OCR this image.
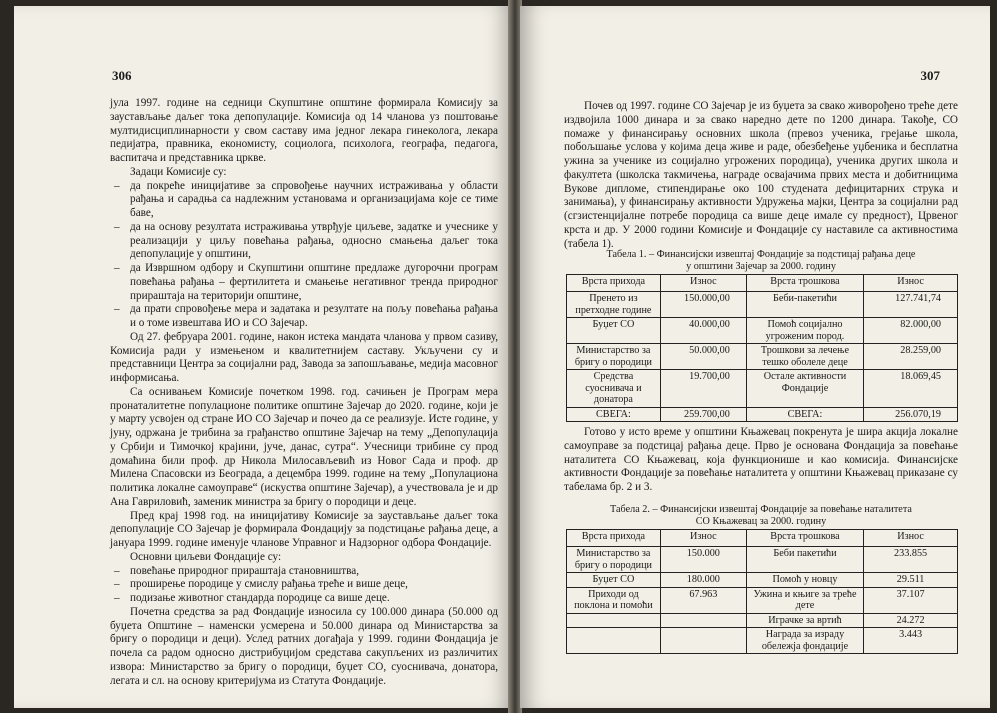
306

јула 1997. године на седници Скупштине општине формирала Комисију за заустављање даљег тока депопулације. Комисија од 14 чланова уз поштовање мултидисциплинарности у свом саставу има једног лекара гинеколога, лекара педијатра, правника, економисту, социолога, психолога, географа, педагога, васпитача и представника цркве.

Задаци Комисије су:

– да покреће иницијативе за спровођење научних истраживања у области рађања и сарадња са надлежним установама и организацијама које се тиме баве,
– да на основу резултата истраживања утврђује циљеве, задатке и учеснике у реализацији у циљу повећања рађања, односно смањења даљег тока депопулације у општини,
– да Извршном одбору и Скупштини општине предлаже дугорочни програм повећања рађања – фертилитета и смањење негативног тренда природног прираштаја на територији општине,
– да прати спровођење мера и задатака и резултате на пољу повећања рађања и о томе извештава ИО и СО Зајечар.

Од 27. фебруара 2001. године, након истека мандата чланова у првом сазиву, Комисија ради у измењеном и квалитетнијем саставу. Укључени су и представници Центра за социјални рад, Завода за запошљавање, медија масовног информисања.

Са оснивањем Комисије почетком 1998. год. сачињен је Програм мера пронаталитетне популационе политике општине Зајечар до 2020. године, који је у марту усвојен од стране ИО СО Зајечар и почео да се реализује. Исте године, у јуну, одржана је трибина за грађанство општине Зајечар на тему „Депопулација у Србији и Тимочкој крајини, јуче, данас, сутра“. Учесници трибине су прод домаћина били проф. др Никола Милосављевић из Новог Сада и проф. др Милена Спасовски из Београда, а децембра 1999. године на тему „Популациона политика локалне самоуправе“ (искуства општине Зајечар), а учествовала је и др Ана Гавриловић, заменик министра за бригу о породици и деце.

Пред крај 1998 год. на иницијативу Комисије за заустављање даљег тока депопулације СО Зајечар је формирала Фондацију за подстицање рађања деце, а јануара 1999. године именује чланове Управног и Надзорног одбора Фондације.

Основни циљеви Фондације су:

– повећање природног прираштаја становништва,
– проширење породице у смислу рађања треће и више деце,
– подизање животног стандарда породице са више деце.

Почетна средства за рад Фондације износила су 100.000 динара (50.000 од буџета Општине – наменски усмерена и 50.000 динара од Министарства за бригу о породици и деци). Услед ратних догађаја у 1999. години Фондација је почела са радом односно дистрибуцијом средстава сакупљених из различитих извора: Министарство за бригу о породици, буџет СО, суоснивача, донатора, легата и сл. на основу критеријума из Статута Фондације.

307

Почев од 1997. године СО Зајечар је из буџета за свако живорођено треће дете издвојила 1000 динара и за свако наредно дете по 1200 динара. Такође, СО помаже у финансирању основних школа (превоз ученика, грејање школа, побољшање услова у којима деца живе и раде, обезбеђење уџбеника и бесплатна ужина за ученике из социјално угрожених породица), ученика других школа и факултета (школска такмичења, награде освајачима првих места и добитницима Вукове дипломе, стипендирање око 100 студената дефицитарних струка и занимања), у финансирању активности Удружења мајки, Центра за социјални рад (сгзистенцијалне потребе породица са више деце имале су предност), Црвеног крста и др. У 2000 години Комисије и Фондације су наставиле са активностима (табела 1).

Табела 1. – Финансијски извештај Фондације за подстицај рађања деце
у општини Зајечар за 2000. годину
Врста прихода	Износ	Врста трошкова	Износ
Пренето из претходне године	150.000,00	Беби-пакетићи	127.741,74
Буџет СО	40.000,00	Помоћ социјално угроженим пород.	82.000,00
Министарство за бригу о породици	50.000,00	Трошкови за лечење тешко оболеле деце	28.259,00
Средства суоснивача и донатора	19.700,00	Остале активности Фондације	18.069,45
СВЕГА:	259.700,00	СВЕГА:	256.070,19

Готово у исто време у општини Књажевац покренута је шира акција локалне самоуправе за подстицај рађања деце. Прво је основана Фондација за повећање наталитета СО Књажевац, која функционише и као комисија. Финансијске активности Фондације за повећање наталитета у општини Књажевац приказане су табелама бр. 2 и 3.

Табела 2. – Финансијски извештај Фондације за повећање наталитета
СО Књажевац за 2000. годину
Врста прихода	Износ	Врста трошкова	Износ
Министарство за бригу о породици	150.000	Беби пакетићи	233.855
Буџет СО	180.000	Помоћ у новцу	29.511
Приходи од поклона и помоћи	67.963	Ужина и књиге за треће дете	37.107
		Играчке за вртић	24.272
		Награда за израду обележја фондације	3.443
